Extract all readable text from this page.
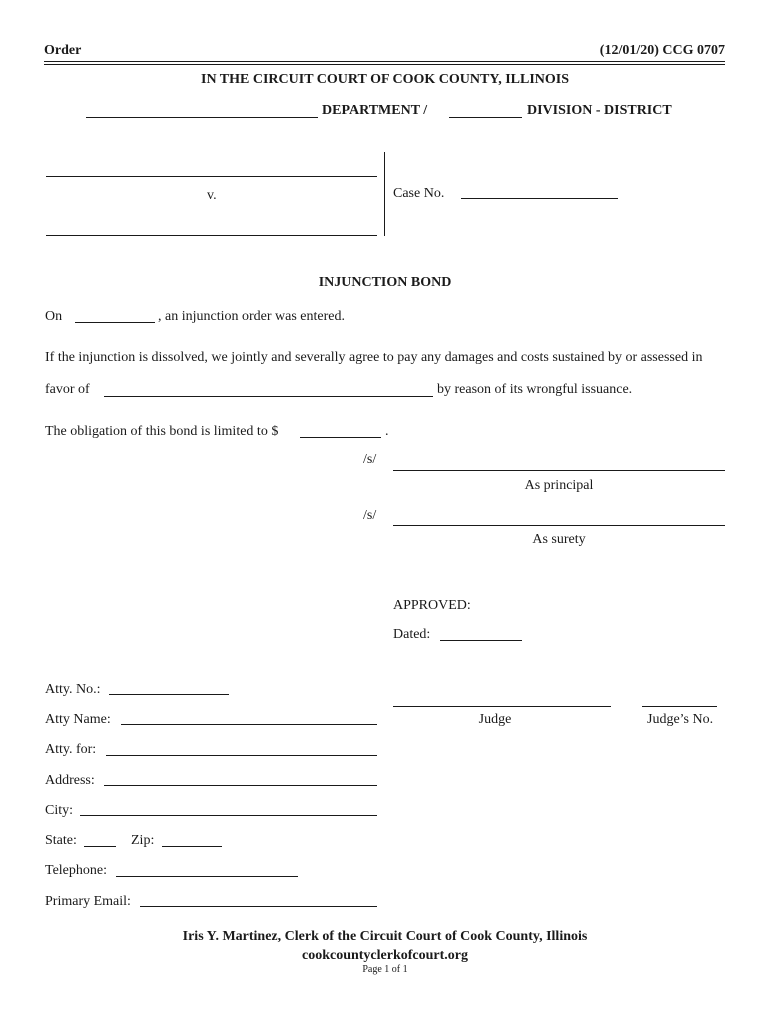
Order	(12/01/20) CCG 0707
IN THE CIRCUIT COURT OF COOK COUNTY, ILLINOIS
DEPARTMENT /	DIVISION - DISTRICT
v.	Case No.
INJUNCTION BOND
On	, an injunction order was entered.
If the injunction is dissolved, we jointly and severally agree to pay any damages and costs sustained by or assessed in
favor of	by reason of its wrongful issuance.
The obligation of this bond is limited to $	.
/s/
As principal
/s/
As surety
APPROVED:
Dated:
Judge	Judge’s No.
Atty. No.:
Atty Name:
Atty. for:
Address:
City:
State:	Zip:
Telephone:
Primary Email:
Iris Y. Martinez, Clerk of the Circuit Court of Cook County, Illinois
cookcountyclerkofcourt.org
Page 1 of 1
